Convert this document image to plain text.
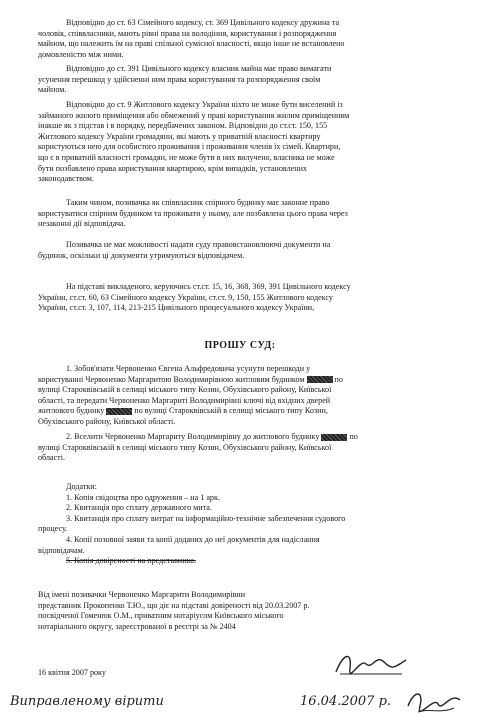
Відповідно до ст. 63 Сімейного кодексу, ст. 369 Цивільного кодексу дружина та
чоловік, співвласники, мають рівні права на володіння, користування і розпорядження
майном, що належить їм на праві спільної сумісної власності, якщо інше не встановлено
домовленістю між ними.
Відповідно до ст. 391 Цивільного кодексу власник майна має право вимагати
усунення перешкод у здійсненні ним права користування та розпорядження своїм
майном.
Відповідно до ст. 9 Житлового кодексу України ніхто не може бути виселений із
займаного жилого приміщення або обмежений у праві користування жилим приміщенням
інакше як з підстав і в порядку, передбачених законом. Відповідно до ст.ст. 150, 155
Житлового кодексу України громадяни, які мають у приватній власності квартиру
користуються нею для особистого проживання і проживання членів їх сімей. Квартири,
що є в приватній власності громадян, не може бути в них вилучено, власника не може
бути позбавлено права користування квартирою, крім випадків, установлених
законодавством.
Таким чином, позивачка як співвласник спірного будинку має законне право
користуватися спірним будинком та проживати у ньому, але позбавлена цього права через
незаконні дії відповідача.
Позивачка не має можливості надати суду правовстановлюючі документи на
будинок, оскільки ці документи утримуються відповідачем.
На підставі викладеного, керуючись ст.ст. 15, 16, 368, 369, 391 Цивільного кодексу
України, ст.ст. 60, 63 Сімейного кодексу України, ст.ст. 9, 150, 155 Житлового кодексу
України, ст.ст. 3, 107, 114, 213-215 Цивільного процесуального кодексу України,
ПРОШУ СУД:
1. Зобов'язати Червоненко Євгена Альфредовича усунути перешкоди у
користуванні Червоненко Маргаритою Володимирівною житловим будинком	по
вулиці Староквівській в селищі міського типу Козин, Обухівського району, Київської
області, та передати Червоненко Маргариті Володимирівні ключі від вхідних дверей
житлового будинку	по вулиці Староквівській в селищі міського типу Козин,
Обухівського району, Київської області.
2. Вселити Червоненко Маргариту Володимирівну до житлового будинку	по
вулиці Староквівській в селищі міського типу Козин, Обухівського району, Київської
області.
Додатки:
1. Копія свідоцтва про одруження – на 1 арк.
2. Квитанція про сплату державного мита.
3. Квитанція про сплату витрат на інформаційно-технічне забезпечення судового
процесу.
4. Копії позовної заяви та копії доданих до неї документів для надіслання
відповідачам.
5. Копія довіреності на представника.
Від імені позивачки Червоненко Маргарити Володимирівни
представник Прокопенко Т.Ю., що діє на підставі довіреності від 20.03.2007 р.
посвідченої Гоменюк О.М., приватним нотаріусом Київського міського
нотаріального округу, зареєстрованої в реєстрі за № 2404
16 квітня 2007 року
Виправленому вірити	16.04.2007 р.
